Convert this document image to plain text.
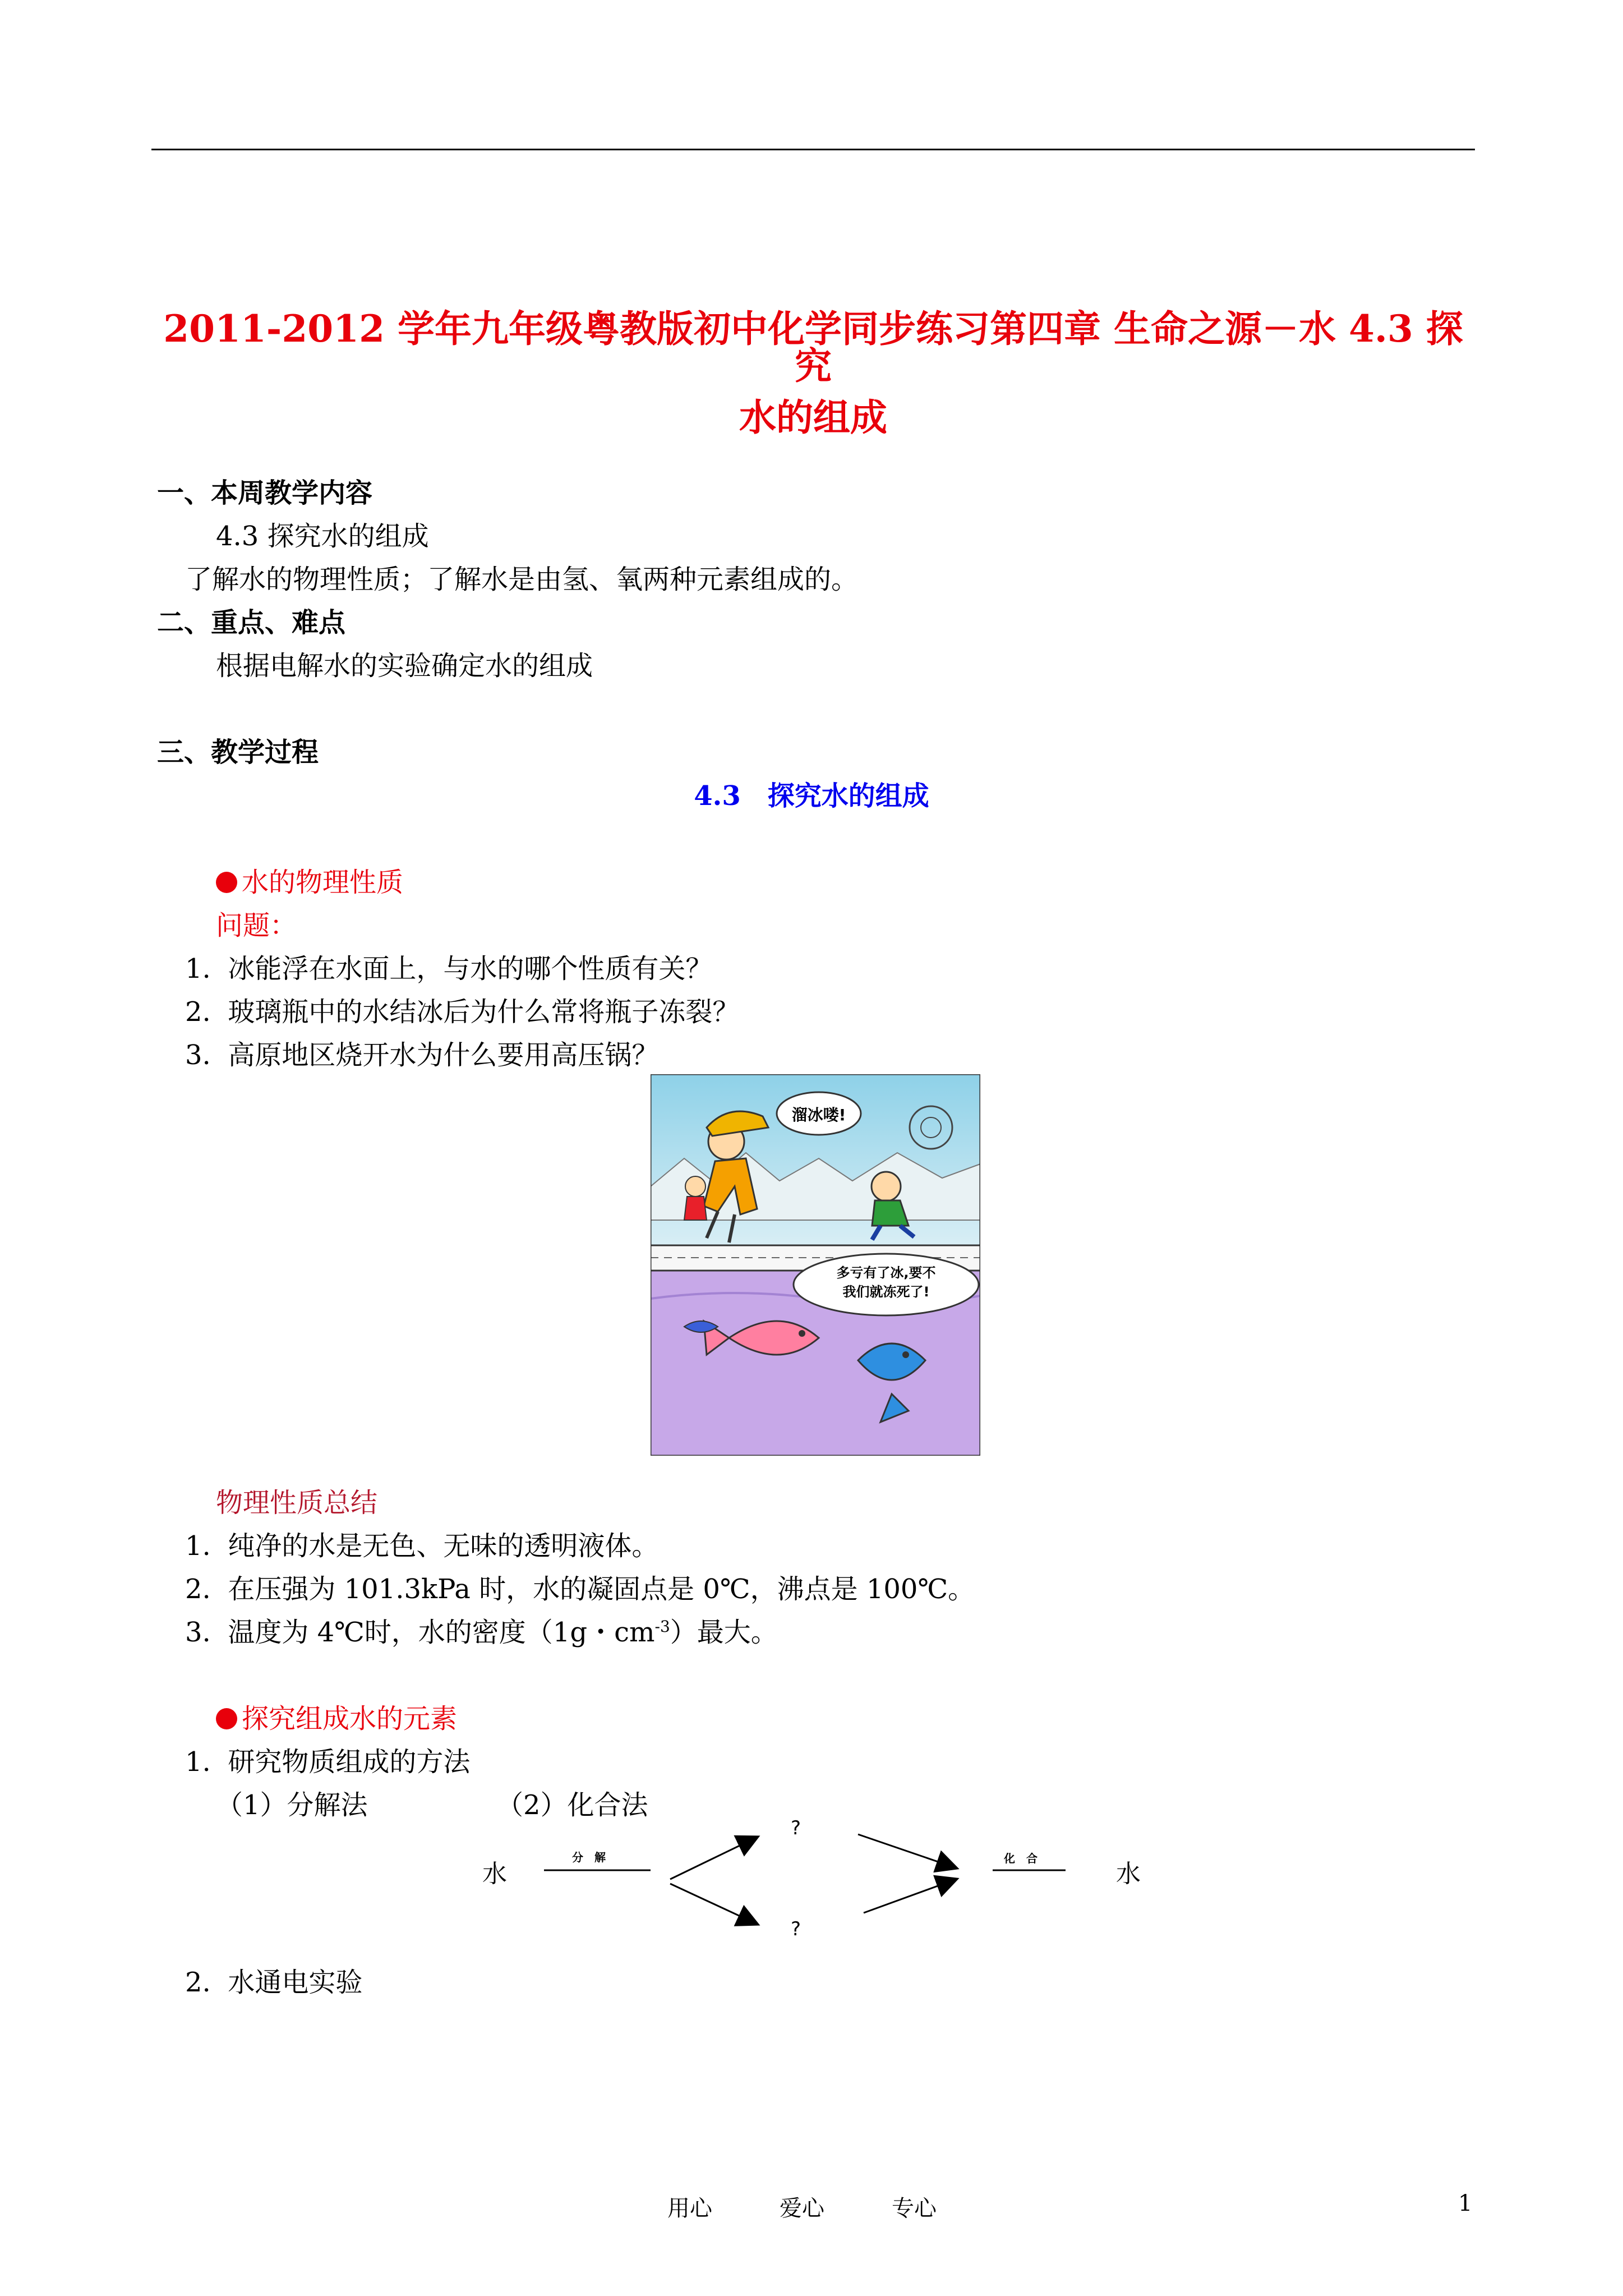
2011-2012 学年九年级粤教版初中化学同步练习第四章 生命之源－水 4.3 探究
水的组成
一、本周教学内容
4.3 探究水的组成
了解水的物理性质；了解水是由氢、氧两种元素组成的。
二、重点、难点
根据电解水的实验确定水的组成
三、教学过程
4.3　探究水的组成
水的物理性质
问题：
1. 冰能浮在水面上，与水的哪个性质有关？
2. 玻璃瓶中的水结冰后为什么常将瓶子冻裂？
3. 高原地区烧开水为什么要用高压锅？
溜冰喽!
多亏有了冰,要不
我们就冻死了!
物理性质总结
1. 纯净的水是无色、无味的透明液体。
2. 在压强为 101.3kPa 时，水的凝固点是 0℃，沸点是 100℃。
3. 温度为 4℃时，水的密度（1g・$cm^{-3}$）最大。
探究组成水的元素
1. 研究物质组成的方法
（1）分解法	（2）化合法
水
分　解
?
?
化　合
水
2. 水通电实验
用心　　　爱心　　　专心	1
